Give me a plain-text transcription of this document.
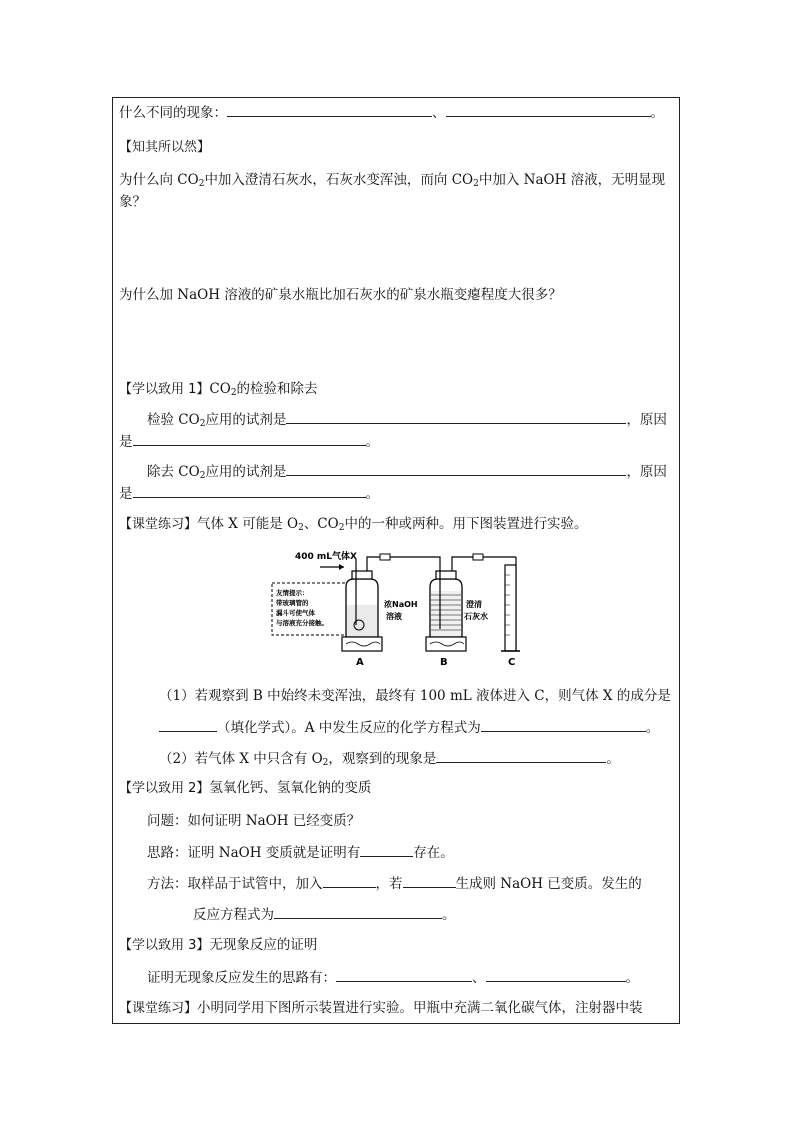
什么不同的现象：	、	。
【知其所以然】
为什么向 $CO_2$中加入澄清石灰水，石灰水变浑浊，而向 $CO_2$中加入 NaOH 溶液，无明显现
象？
为什么加 NaOH 溶液的矿泉水瓶比加石灰水的矿泉水瓶变瘪程度大很多？
【学以致用 1】$CO_2$的检验和除去
检验 $CO_2$应用的试剂是	，原因
是	。
除去 $CO_2$应用的试剂是	，原因
是	。
【课堂练习】气体 X 可能是 $O_2$、$CO_2$中的一种或两种。用下图装置进行实验。
400 mL气体X
友情提示：
带玻璃管的
漏斗可使气体
与溶液充分接触。
浓NaOH
溶液
A
澄清
石灰水
B	C
（1）若观察到 B 中始终未变浑浊，最终有 100 mL 液体进入 C，则气体 X 的成分是
（填化学式）。A 中发生反应的化学方程式为	。
（2）若气体 X 中只含有 $O_2$，观察到的现象是	。
【学以致用 2】氢氧化钙、氢氧化钠的变质
问题：如何证明 NaOH 已经变质？
思路：证明 NaOH 变质就是证明有	存在。
方法：取样品于试管中，加入	，若	生成则 NaOH 已变质。发生的
反应方程式为	。
【学以致用 3】无现象反应的证明
证明无现象反应发生的思路有：	、	。
【课堂练习】小明同学用下图所示装置进行实验。甲瓶中充满二氧化碳气体，注射器中装
